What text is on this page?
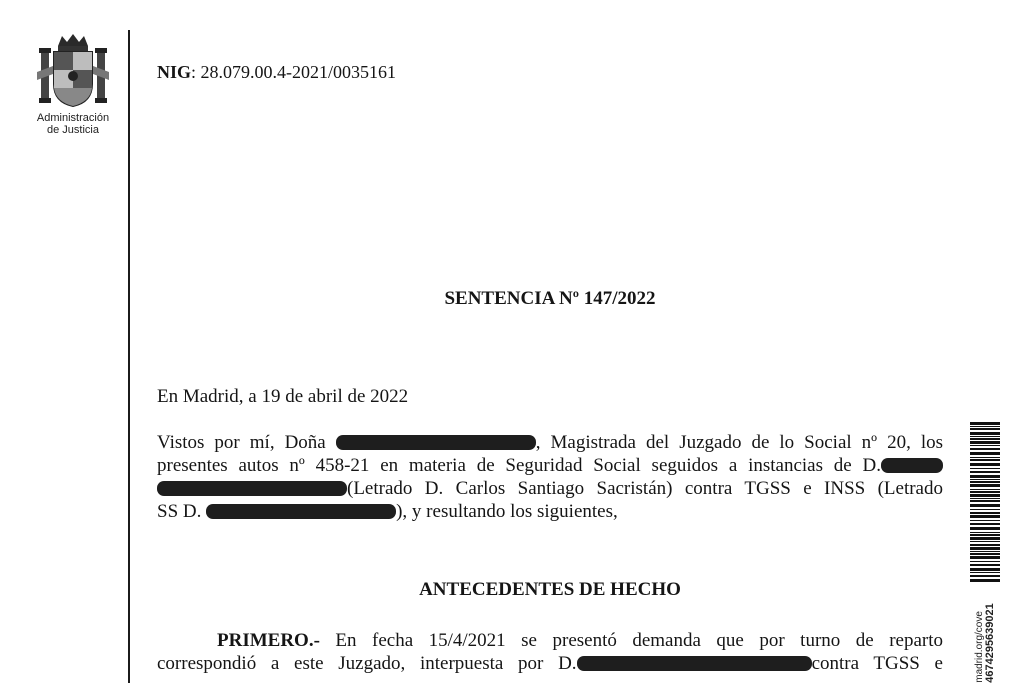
Administración
de Justicia
NIG: 28.079.00.4-2021/0035161
SENTENCIA Nº 147/2022
En Madrid, a 19 de abril de 2022
Vistos por mí, Doña	, Magistrada del Juzgado de lo Social nº 20, los
presentes autos nº 458-21 en materia de Seguridad Social seguidos a instancias de D.
(Letrado D. Carlos Santiago Sacristán) contra TGSS e INSS (Letrado
SS D.	), y resultando los siguientes,
ANTECEDENTES DE HECHO
PRIMERO.- En fecha 15/4/2021 se presentó demanda que por turno de reparto
correspondió a este Juzgado, interpuesta por D.	contra TGSS e	madrid.org/cove 4674295639021
